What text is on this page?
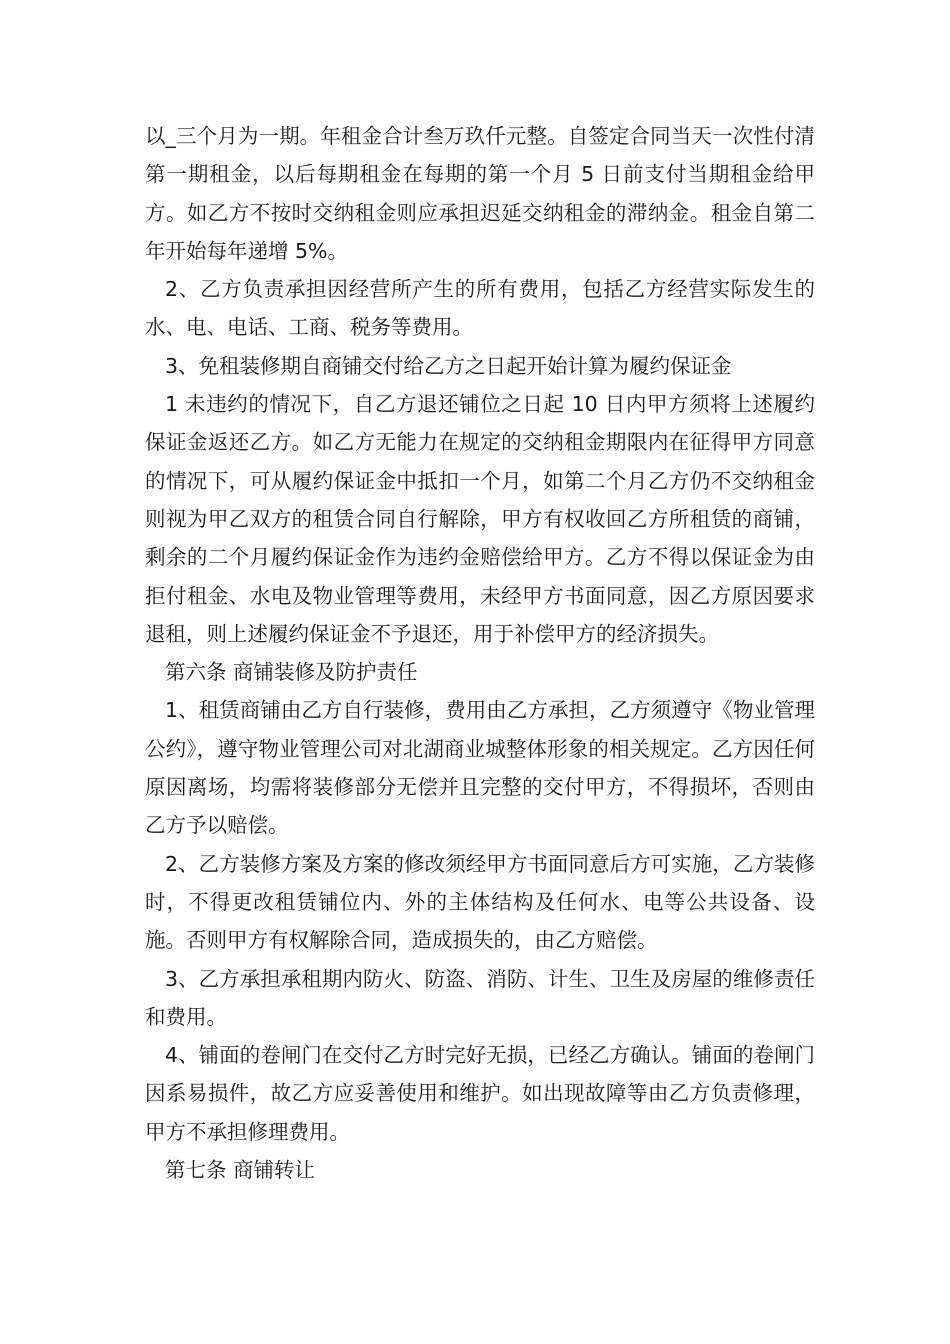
以_三个月为一期。年租金合计叁万玖仟元整。自签定合同当天一次性付清第一期租金，以后每期租金在每期的第一个月 5 日前支付当期租金给甲方。如乙方不按时交纳租金则应承担迟延交纳租金的滞纳金。租金自第二年开始每年递增 5%。

2、乙方负责承担因经营所产生的所有费用，包括乙方经营实际发生的水、电、电话、工商、税务等费用。

3、免租装修期自商铺交付给乙方之日起开始计算为履约保证金

1 未违约的情况下，自乙方退还铺位之日起 10 日内甲方须将上述履约保证金返还乙方。如乙方无能力在规定的交纳租金期限内在征得甲方同意的情况下，可从履约保证金中抵扣一个月，如第二个月乙方仍不交纳租金则视为甲乙双方的租赁合同自行解除，甲方有权收回乙方所租赁的商铺，剩余的二个月履约保证金作为违约金赔偿给甲方。乙方不得以保证金为由拒付租金、水电及物业管理等费用，未经甲方书面同意，因乙方原因要求退租，则上述履约保证金不予退还，用于补偿甲方的经济损失。

第六条 商铺装修及防护责任

1、租赁商铺由乙方自行装修，费用由乙方承担，乙方须遵守《物业管理公约》，遵守物业管理公司对北湖商业城整体形象的相关规定。乙方因任何原因离场，均需将装修部分无偿并且完整的交付甲方，不得损坏，否则由乙方予以赔偿。

2、乙方装修方案及方案的修改须经甲方书面同意后方可实施，乙方装修时，不得更改租赁铺位内、外的主体结构及任何水、电等公共设备、设施。否则甲方有权解除合同，造成损失的，由乙方赔偿。

3、乙方承担承租期内防火、防盗、消防、计生、卫生及房屋的维修责任和费用。

4、铺面的卷闸门在交付乙方时完好无损，已经乙方确认。铺面的卷闸门因系易损件，故乙方应妥善使用和维护。如出现故障等由乙方负责修理，甲方不承担修理费用。

第七条 商铺转让
